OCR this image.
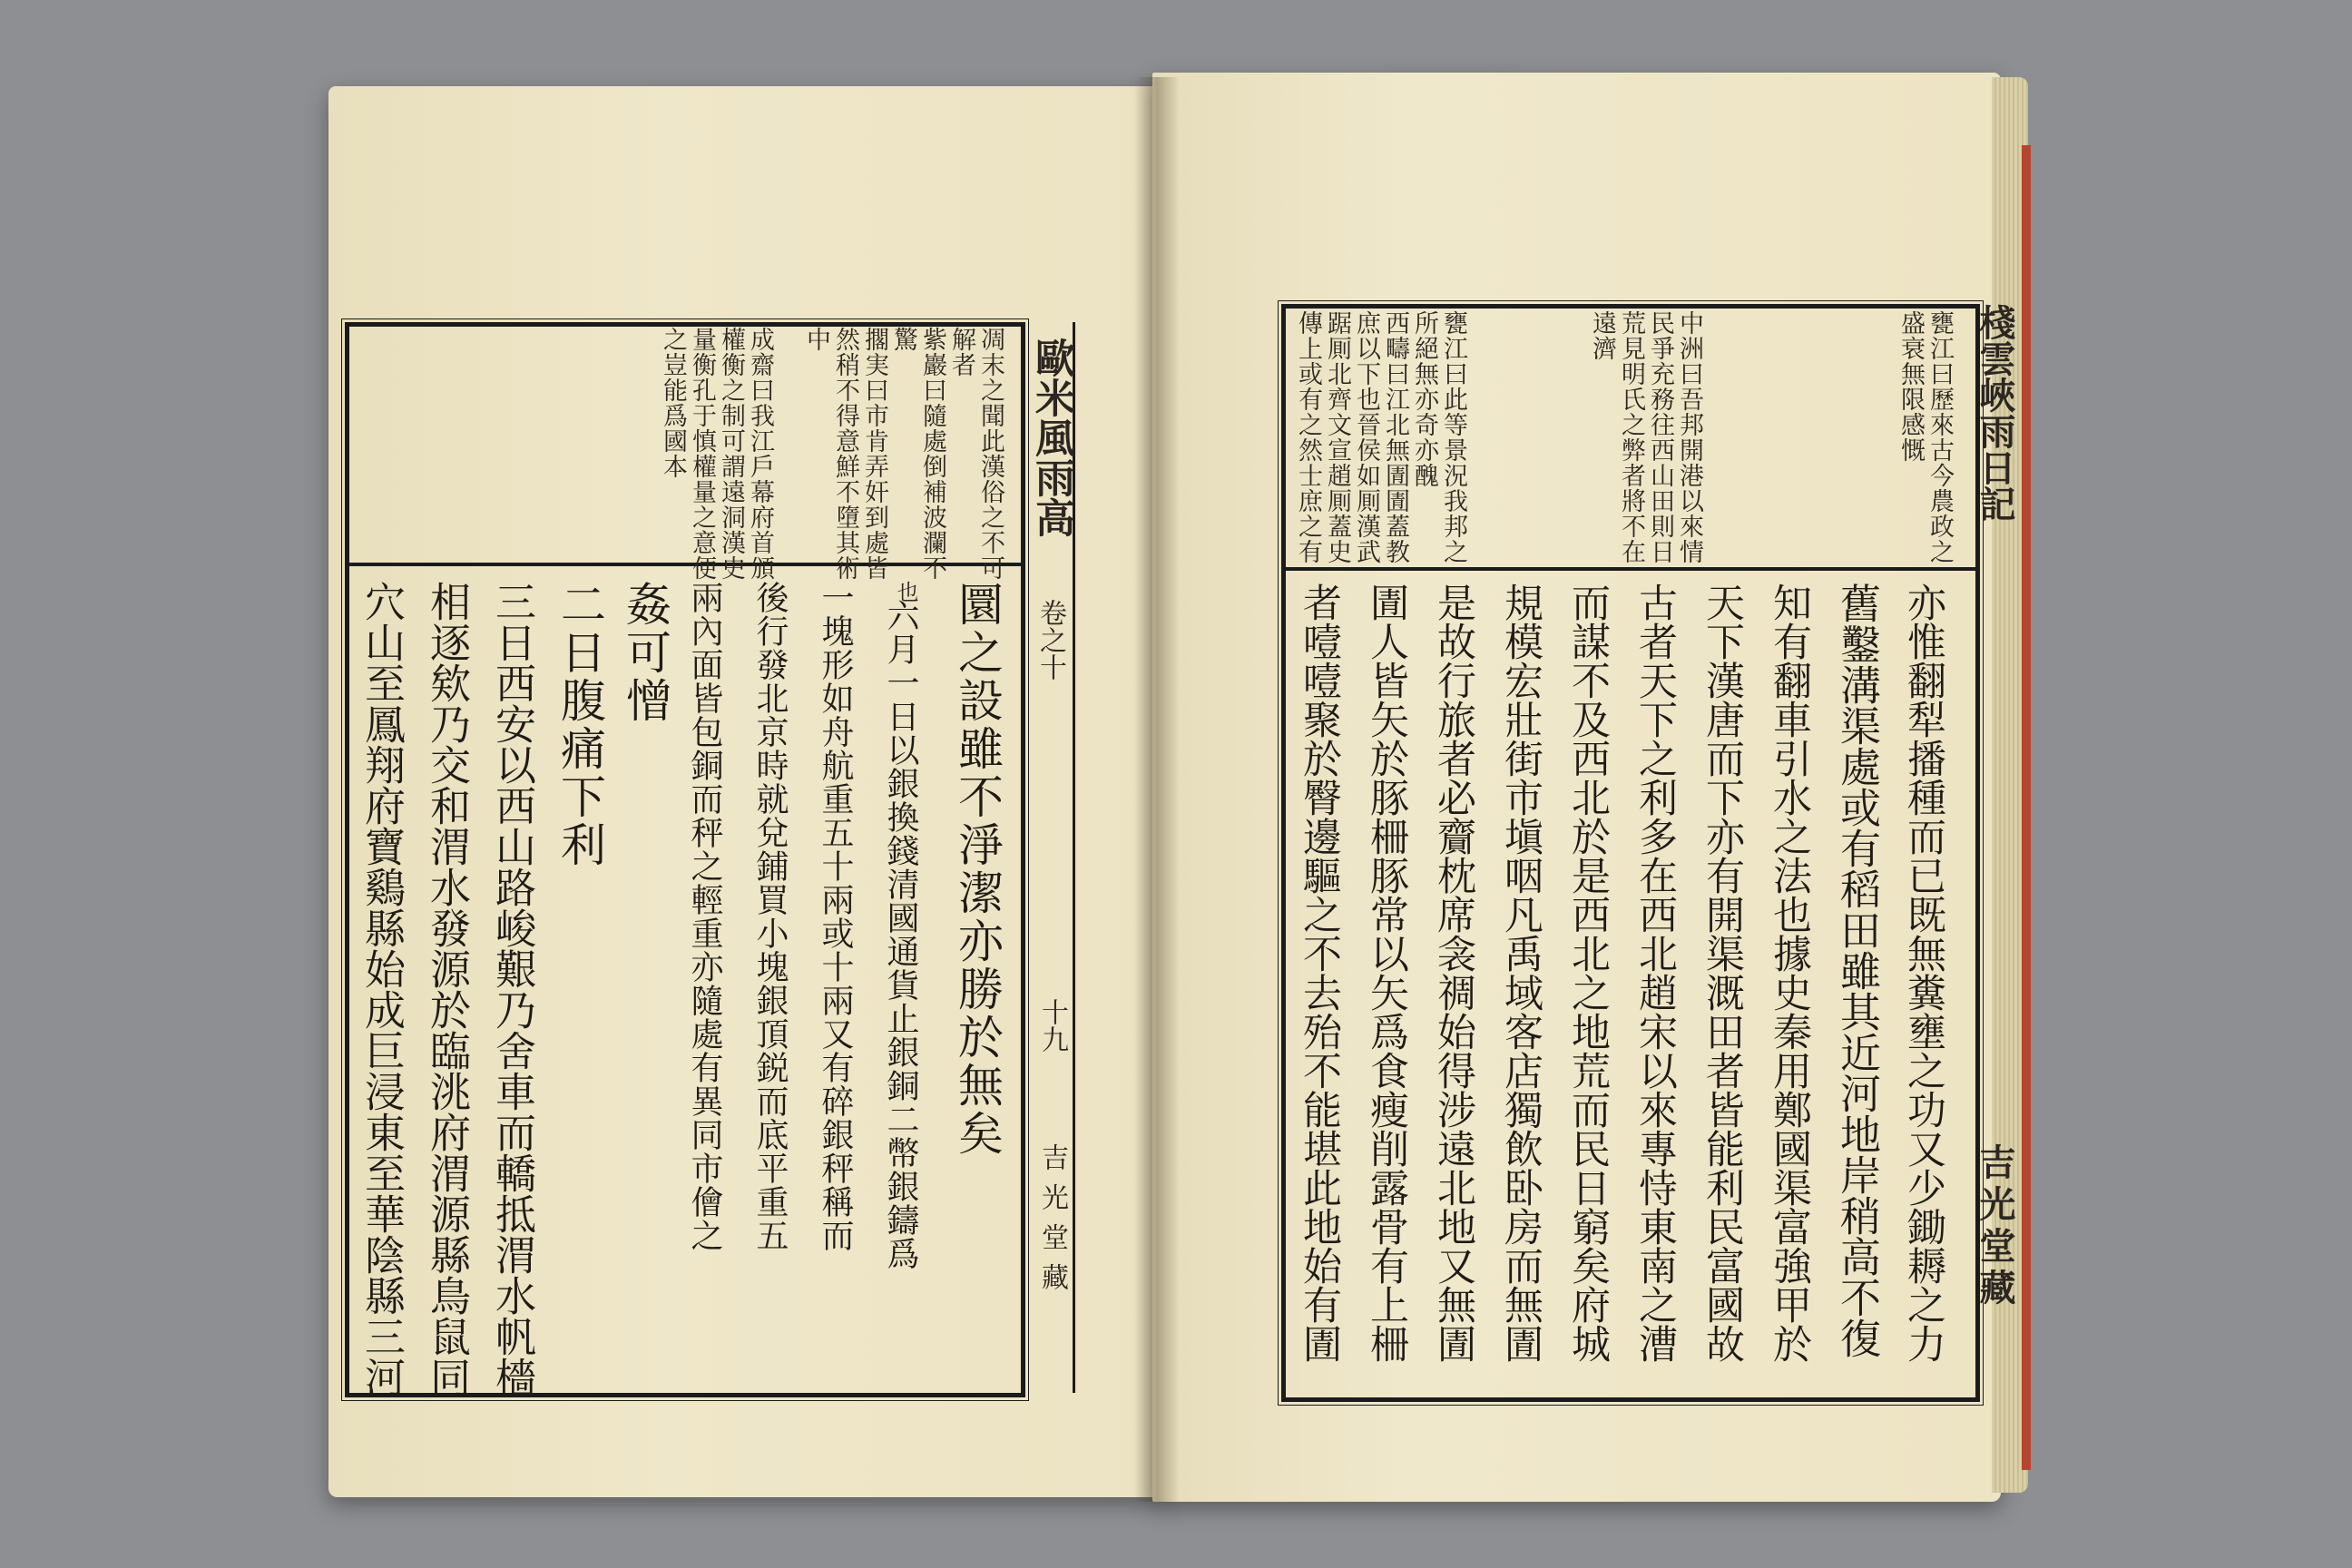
歐米風雨高
卷之十
十九
吉光堂藏
凋末之聞此漢俗之不可
解者
紫巖曰隨處倒補波瀾不
驚
擱実曰市肯弄奸到處皆
然稍不得意鮮不墮其術
中
成齋曰我江戶幕府首頒
權衡之制可謂遠洞漢史
量衡孔于慎權量之意便
之豈能爲國本
圜之設雖不淨潔亦勝於無矣
也
六月一日以銀換錢清國通貨止銀銅二幣銀鑄爲
一塊形如舟航重五十兩或十兩又有碎銀秤稱而
後行發北京時就兌鋪買小塊銀頂鋭而底平重五
兩內面皆包銅而秤之輕重亦隨處有異同市儈之
姦可憎
二日腹痛下利
三日西安以西山路峻艱乃舍車而轎抵渭水帆檣
相逐欸乃交和渭水發源於臨洮府渭源縣鳥鼠同
穴山至鳳翔府寶鷄縣始成巨浸東至華陰縣三河
棧雲峽雨日記
吉光堂藏
甕江曰歷來古今農政之
盛衰無限感慨
中洲曰吾邦開港以來情
民爭充務往西山田則日
荒見明氏之弊者將不在
遠濟
甕江曰此等景況我邦之
所絕無亦奇亦醜
西疇曰江北無圊圊蓋教
庶以下也晉侯如厠漢武
踞厠北齊文宣趙厠蓋史
傳上或有之然士庶之有
亦惟翻犁播種而已既無糞壅之功又少鋤耨之力
舊鑿溝渠處或有稻田雖其近河地岸稍高不復
知有翻車引水之法也據史秦用鄭國渠富強甲於
天下漢唐而下亦有開渠溉田者皆能利民富國故
古者天下之利多在西北趙宋以來專恃東南之漕
而謀不及西北於是西北之地荒而民日窮矣府城
規模宏壯街市塡咽凡禹域客店獨飲卧房而無圊
是故行旅者必齎枕席衾禂始得涉遠北地又無圊
圊人皆矢於豚柵豚常以矢爲食瘦削露骨有上柵
者噎噎聚於臀邊驅之不去殆不能堪此地始有圊
